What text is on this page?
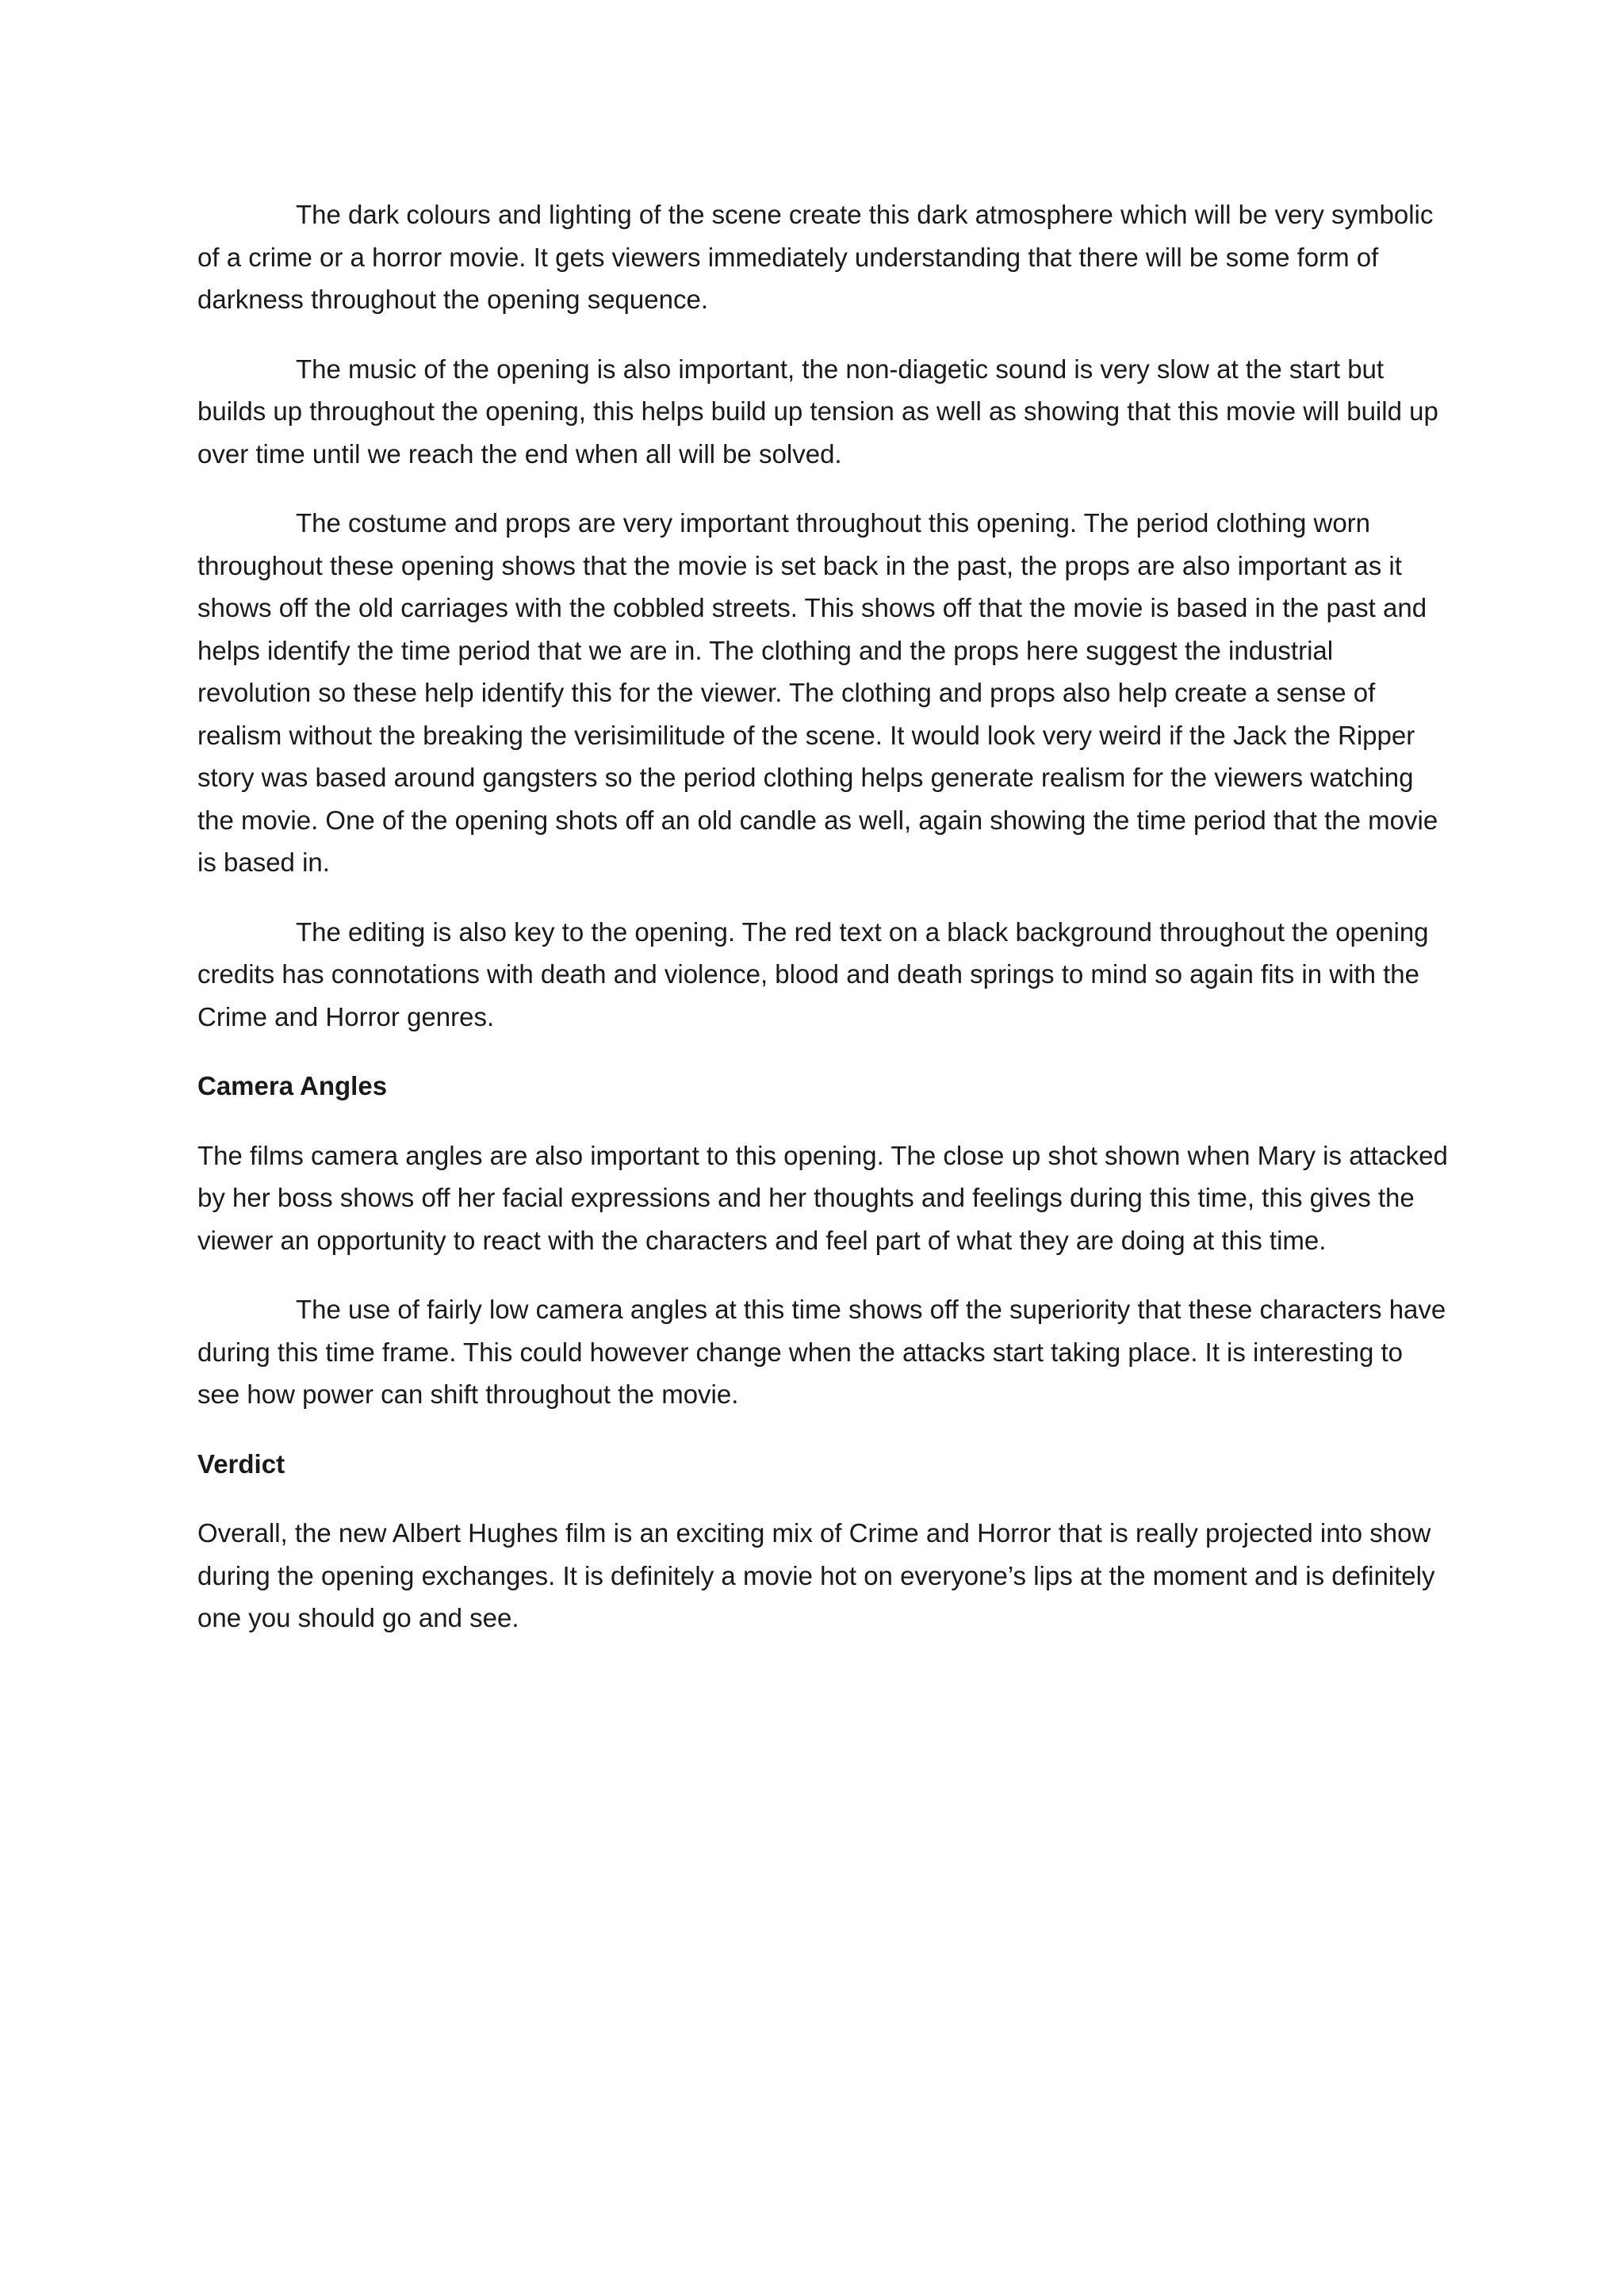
The dark colours and lighting of the scene create this dark atmosphere which will be very symbolic of a crime or a horror movie. It gets viewers immediately understanding that there will be some form of darkness throughout the opening sequence.

The music of the opening is also important, the non-diagetic sound is very slow at the start but builds up throughout the opening, this helps build up tension as well as showing that this movie will build up over time until we reach the end when all will be solved.

The costume and props are very important throughout this opening. The period clothing worn throughout these opening shows that the movie is set back in the past, the props are also important as it shows off the old carriages with the cobbled streets. This shows off that the movie is based in the past and helps identify the time period that we are in. The clothing and the props here suggest the industrial revolution so these help identify this for the viewer. The clothing and props also help create a sense of realism without the breaking the verisimilitude of the scene. It would look very weird if the Jack the Ripper story was based around gangsters so the period clothing helps generate realism for the viewers watching the movie. One of the opening shots off an old candle as well, again showing the time period that the movie is based in.

The editing is also key to the opening. The red text on a black background throughout the opening credits has connotations with death and violence, blood and death springs to mind so again fits in with the Crime and Horror genres.

Camera Angles

The films camera angles are also important to this opening. The close up shot shown when Mary is attacked by her boss shows off her facial expressions and her thoughts and feelings during this time, this gives the viewer an opportunity to react with the characters and feel part of what they are doing at this time.

The use of fairly low camera angles at this time shows off the superiority that these characters have during this time frame. This could however change when the attacks start taking place. It is interesting to see how power can shift throughout the movie.

Verdict

Overall, the new Albert Hughes film is an exciting mix of Crime and Horror that is really projected into show during the opening exchanges. It is definitely a movie hot on everyone’s lips at the moment and is definitely one you should go and see.
